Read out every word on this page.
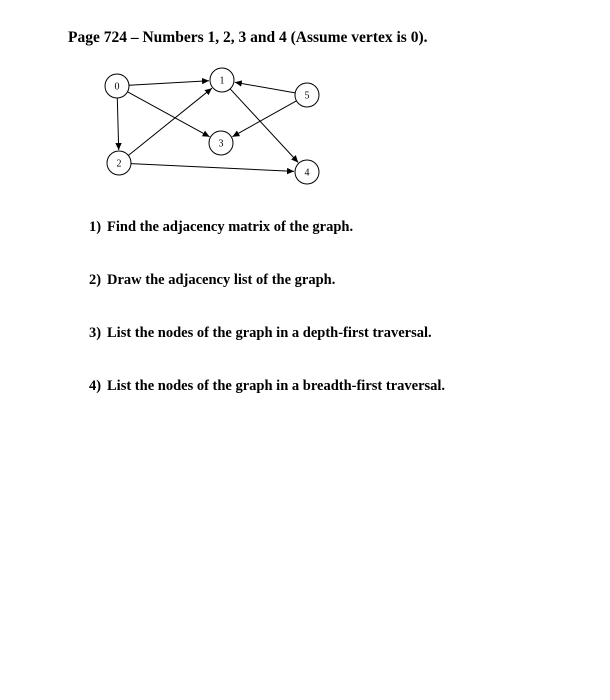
Page 724 – Numbers 1, 2, 3 and 4 (Assume vertex is 0).
0
1
2
3
4
5
1) Find the adjacency matrix of the graph.
2) Draw the adjacency list of the graph.
3) List the nodes of the graph in a depth-first traversal.
4) List the nodes of the graph in a breadth-first traversal.
